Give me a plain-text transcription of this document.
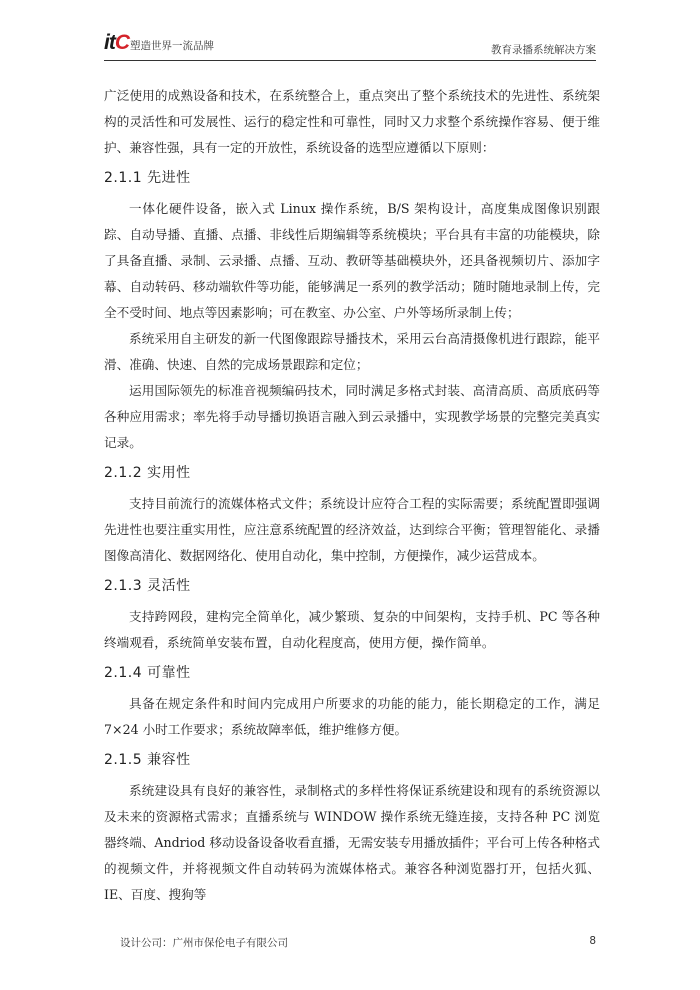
itC 塑造世界一流品牌	教育录播系统解决方案

广泛使用的成熟设备和技术，在系统整合上，重点突出了整个系统技术的先进性、系统架构的灵活性和可发展性、运行的稳定性和可靠性，同时又力求整个系统操作容易、便于维护、兼容性强，具有一定的开放性，系统设备的选型应遵循以下原则：

2.1.1 先进性

一体化硬件设备，嵌入式 Linux 操作系统，B/S 架构设计，高度集成图像识别跟踪、自动导播、直播、点播、非线性后期编辑等系统模块；平台具有丰富的功能模块，除了具备直播、录制、云录播、点播、互动、教研等基础模块外，还具备视频切片、添加字幕、自动转码、移动端软件等功能，能够满足一系列的教学活动；随时随地录制上传，完全不受时间、地点等因素影响；可在教室、办公室、户外等场所录制上传；

系统采用自主研发的新一代图像跟踪导播技术，采用云台高清摄像机进行跟踪，能平滑、准确、快速、自然的完成场景跟踪和定位；

运用国际领先的标准音视频编码技术，同时满足多格式封装、高清高质、高质底码等各种应用需求；率先将手动导播切换语言融入到云录播中，实现教学场景的完整完美真实记录。

2.1.2 实用性

支持目前流行的流媒体格式文件；系统设计应符合工程的实际需要；系统配置即强调先进性也要注重实用性，应注意系统配置的经济效益，达到综合平衡；管理智能化、录播图像高清化、数据网络化、使用自动化，集中控制，方便操作，减少运营成本。

2.1.3 灵活性

支持跨网段，建构完全简单化，减少繁琐、复杂的中间架构，支持手机、PC 等各种终端观看，系统简单安装布置，自动化程度高，使用方便，操作简单。

2.1.4 可靠性

具备在规定条件和时间内完成用户所要求的功能的能力，能长期稳定的工作，满足 7×24 小时工作要求；系统故障率低，维护维修方便。

2.1.5 兼容性

系统建设具有良好的兼容性，录制格式的多样性将保证系统建设和现有的系统资源以及未来的资源格式需求；直播系统与 WINDOW 操作系统无缝连接，支持各种 PC 浏览器终端、Andriod 移动设备设备收看直播，无需安装专用播放插件；平台可上传各种格式的视频文件，并将视频文件自动转码为流媒体格式。兼容各种浏览器打开，包括火狐、IE、百度、搜狗等

设计公司：广州市保伦电子有限公司	8
